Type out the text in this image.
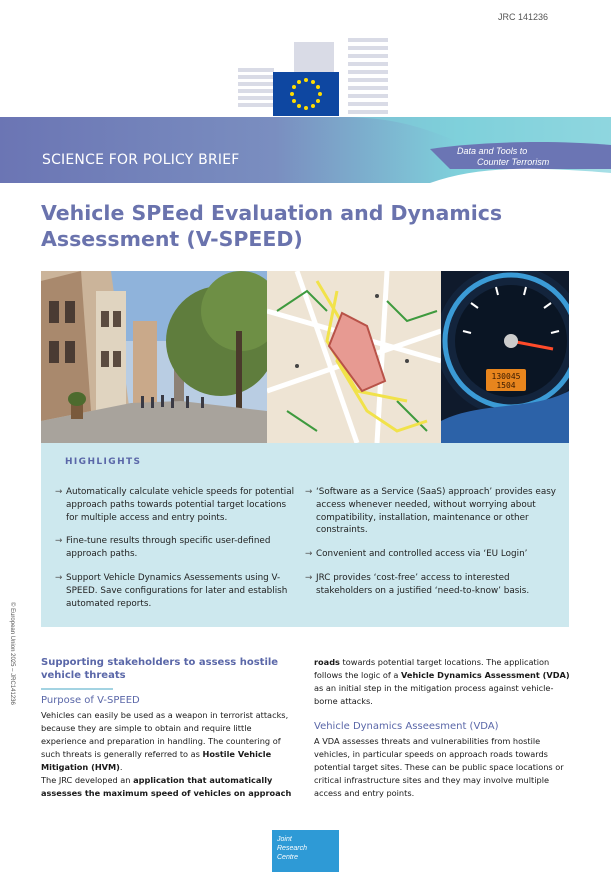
JRC 141236
SCIENCE FOR POLICY BRIEF
Data and Tools to
Counter Terrorism
Vehicle SPEed Evaluation and Dynamics
Assessment (V-SPEED)
130045
1504
HIGHLIGHTS
→ Automatically calculate vehicle speeds for potential approach paths towards potential target locations for multiple access and entry points.
→ Fine-tune results through specific user-defined approach paths.
→ Support Vehicle Dynamics Asessements using V-SPEED. Save configurations for later and establish automated reports.
→ ‘Software as a Service (SaaS) approach’ provides easy access whenever needed, without worrying about compatibility, installation, maintenance or other constraints.
→ Convenient and controlled access via ‘EU Login’
→ JRC provides ‘cost-free’ access to interested stakeholders on a justified ‘need-to-know’ basis.
© European Union 2025 – JRC141236	Supporting stakeholders to assess hostile
vehicle threats
Purpose of V-SPEED
Vehicles can easily be used as a weapon in terrorist attacks, because they are simple to obtain and require little experience and preparation in handling. The countering of such threats is generally referred to as Hostile Vehicle Mitigation (HVM).
The JRC developed an application that automatically assesses the maximum speed of vehicles on approach
roads towards potential target locations. The application follows the logic of a Vehicle Dynamics Assessment (VDA) as an initial step in the mitigation process against vehicle-borne attacks.
Vehicle Dynamics Asseesment (VDA)
A VDA assesses threats and vulnerabilities from hostile vehicles, in particular speeds on approach roads towards potential target sites. These can be public space locations or critical infrastructure sites and they may involve multiple access and entry points.
Joint
Research
Centre
